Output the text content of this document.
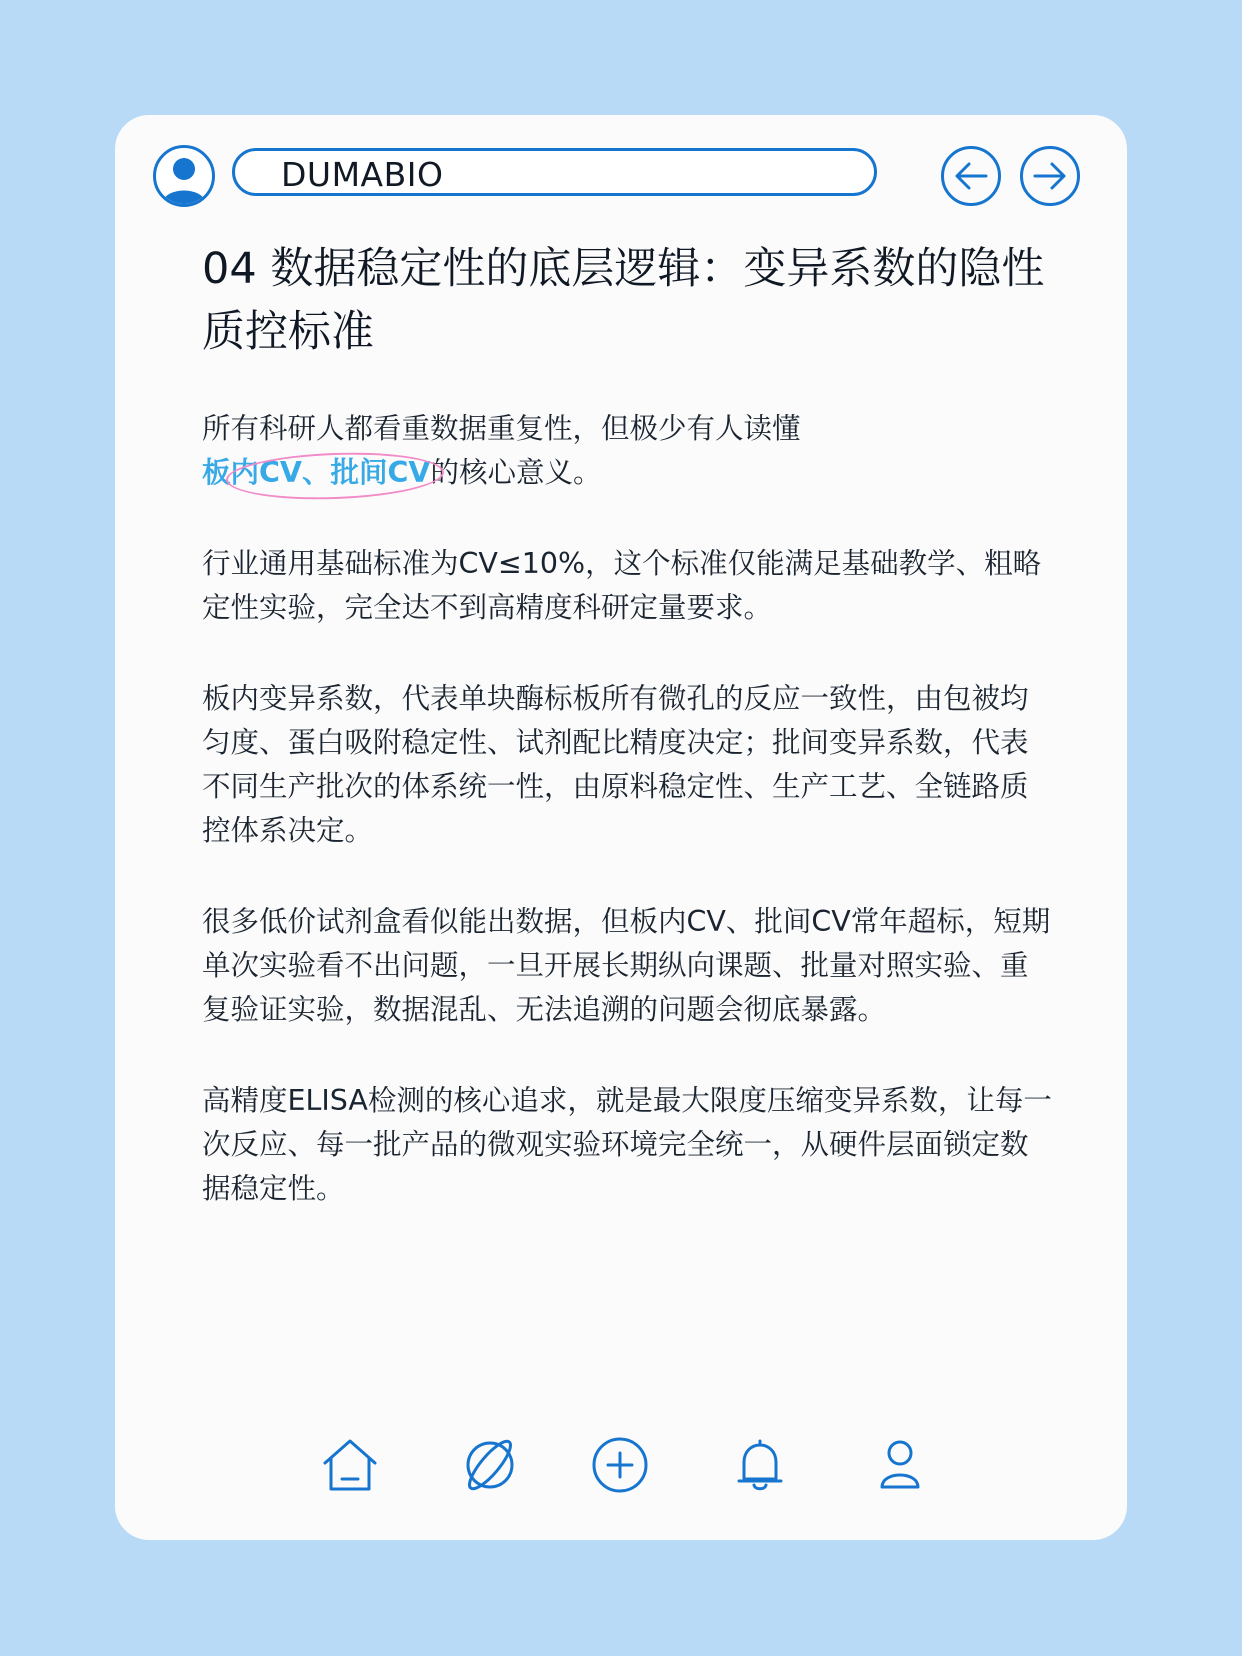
DUMABIO
04 数据稳定性的底层逻辑：变异系数的隐性质控标准

所有科研人都看重数据重复性，但极少有人读懂
板内CV、批间CV
的核心意义。

行业通用基础标准为CV≤10%，这个标准仅能满足基础教学、粗略定性实验，完全达不到高精度科研定量要求。

板内变异系数，代表单块酶标板所有微孔的反应一致性，由包被均匀度、蛋白吸附稳定性、试剂配比精度决定；批间变异系数，代表不同生产批次的体系统一性，由原料稳定性、生产工艺、全链路质控体系决定。

很多低价试剂盒看似能出数据，但板内CV、批间CV常年超标，短期单次实验看不出问题，一旦开展长期纵向课题、批量对照实验、重复验证实验，数据混乱、无法追溯的问题会彻底暴露。

高精度ELISA检测的核心追求，就是最大限度压缩变异系数，让每一次反应、每一批产品的微观实验环境完全统一，从硬件层面锁定数据稳定性。
